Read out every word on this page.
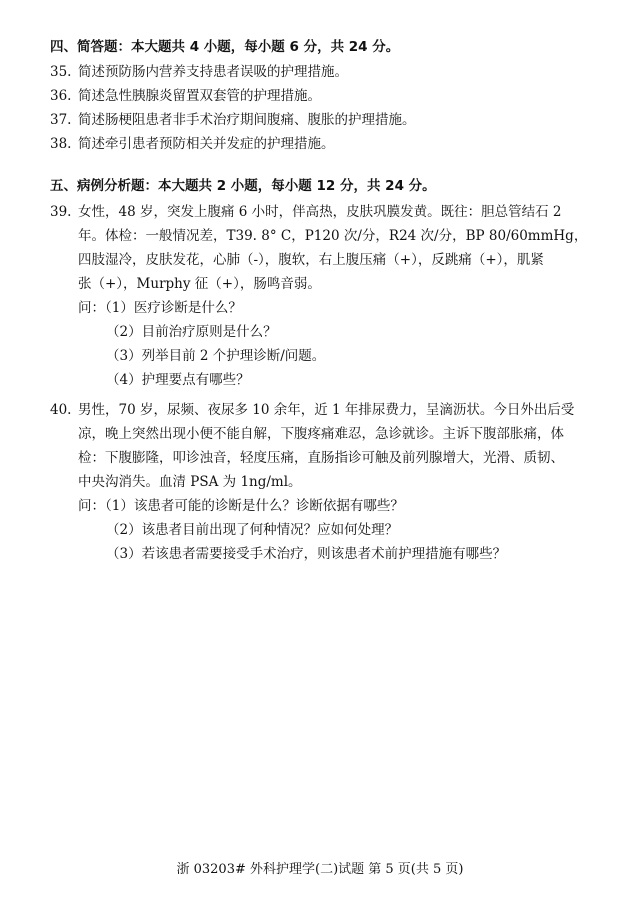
四、简答题：本大题共 4 小题，每小题 6 分，共 24 分。
35. 简述预防肠内营养支持患者误吸的护理措施。
36. 简述急性胰腺炎留置双套管的护理措施。
37. 简述肠梗阻患者非手术治疗期间腹痛、腹胀的护理措施。
38. 简述牵引患者预防相关并发症的护理措施。
五、病例分析题：本大题共 2 小题，每小题 12 分，共 24 分。
39. 女性，48 岁，突发上腹痛 6 小时，伴高热，皮肤巩膜发黄。既往：胆总管结石 2
年。体检：一般情况差，T39. 8° C，P120 次/分，R24 次/分，BP 80/60mmHg，
四肢湿冷，皮肤发花，心肺（-），腹软，右上腹压痛（+），反跳痛（+），肌紧
张（+），Murphy 征（+），肠鸣音弱。
问：（1）医疗诊断是什么？
（2）目前治疗原则是什么？
（3）列举目前 2 个护理诊断/问题。
（4）护理要点有哪些？
40. 男性，70 岁，尿频、夜尿多 10 余年，近 1 年排尿费力，呈滴沥状。今日外出后受
凉，晚上突然出现小便不能自解，下腹疼痛难忍，急诊就诊。主诉下腹部胀痛，体
检：下腹膨隆，叩诊浊音，轻度压痛，直肠指诊可触及前列腺增大，光滑、质韧、
中央沟消失。血清 PSA 为 1ng/ml。
问：（1）该患者可能的诊断是什么？诊断依据有哪些？
（2）该患者目前出现了何种情况？应如何处理？
（3）若该患者需要接受手术治疗，则该患者术前护理措施有哪些？
浙 03203# 外科护理学(二)试题 第 5 页(共 5 页)
